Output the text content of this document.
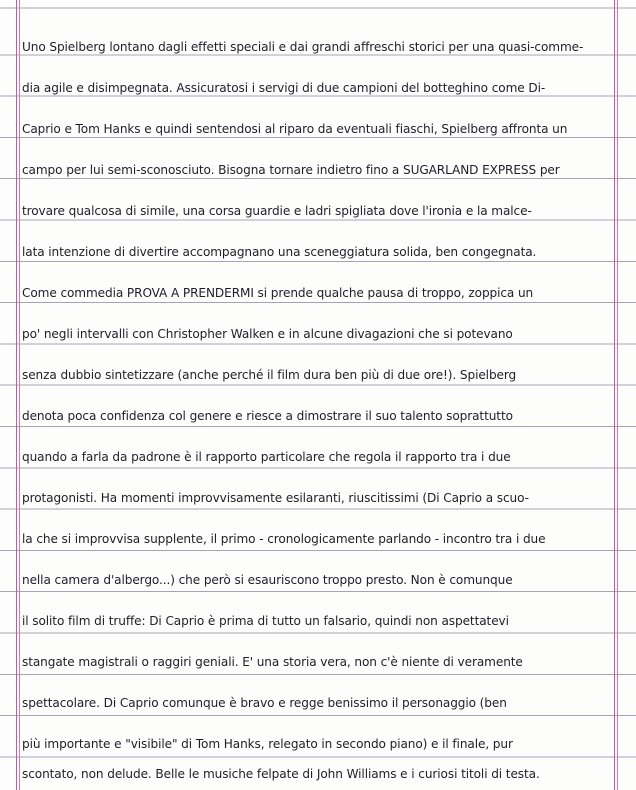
Uno Spielberg lontano dagli effetti speciali e dai grandi affreschi storici per una quasi-comme-
dia agile e disimpegnata. Assicuratosi i servigi di due campioni del botteghino come Di-
Caprio e Tom Hanks e quindi sentendosi al riparo da eventuali fiaschi, Spielberg affronta un
campo per lui semi-sconosciuto. Bisogna tornare indietro fino a SUGARLAND EXPRESS per
trovare qualcosa di simile, una corsa guardie e ladri spigliata dove l'ironia e la malce-
lata intenzione di divertire accompagnano una sceneggiatura solida, ben congegnata.
Come commedia PROVA A PRENDERMI si prende qualche pausa di troppo, zoppica un
po' negli intervalli con Christopher Walken e in alcune divagazioni che si potevano
senza dubbio sintetizzare (anche perché il film dura ben più di due ore!). Spielberg
denota poca confidenza col genere e riesce a dimostrare il suo talento soprattutto
quando a farla da padrone è il rapporto particolare che regola il rapporto tra i due
protagonisti. Ha momenti improvvisamente esilaranti, riuscitissimi (Di Caprio a scuo-
la che si improvvisa supplente, il primo - cronologicamente parlando - incontro tra i due
nella camera d'albergo...) che però si esauriscono troppo presto. Non è comunque
il solito film di truffe: Di Caprio è prima di tutto un falsario, quindi non aspettatevi
stangate magistrali o raggiri geniali. E' una storia vera, non c'è niente di veramente
spettacolare. Di Caprio comunque è bravo e regge benissimo il personaggio (ben
più importante e "visibile" di Tom Hanks, relegato in secondo piano) e il finale, pur
scontato, non delude. Belle le musiche felpate di John Williams e i curiosi titoli di testa.
